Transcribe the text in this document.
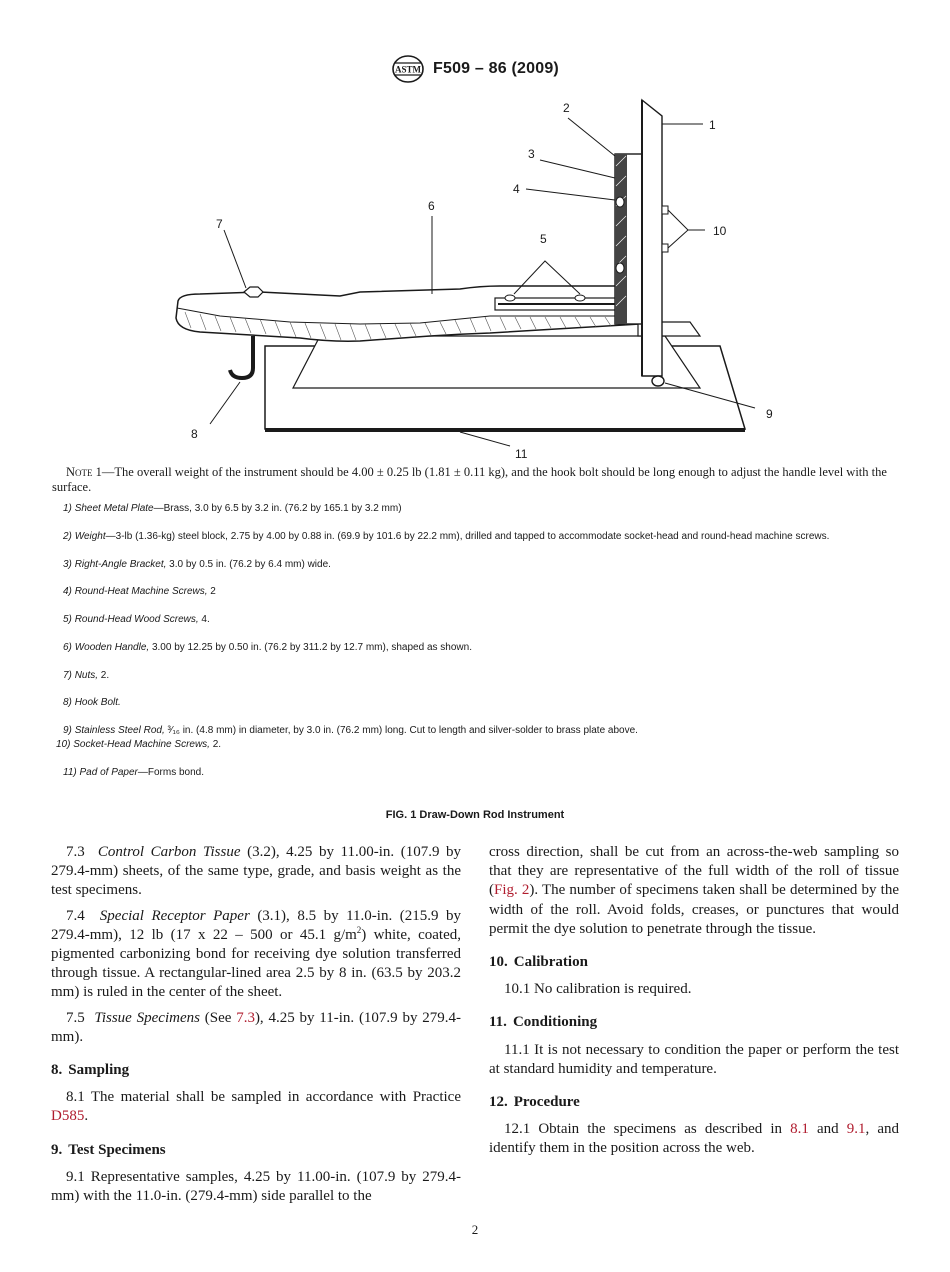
ASTM F509 – 86 (2009)
1
2
3
4
5
6
7
8
9
10
11
Note 1—The overall weight of the instrument should be 4.00 ± 0.25 lb (1.81 ± 0.11 kg), and the hook bolt should be long enough to adjust the handle level with the surface.
1) Sheet Metal Plate—Brass, 3.0 by 6.5 by 3.2 in. (76.2 by 165.1 by 3.2 mm)
2) Weight—3-lb (1.36-kg) steel block, 2.75 by 4.00 by 0.88 in. (69.9 by 101.6 by 22.2 mm), drilled and tapped to accommodate socket-head and round-head machine screws.
3) Right-Angle Bracket, 3.0 by 0.5 in. (76.2 by 6.4 mm) wide.
4) Round-Heat Machine Screws, 2
5) Round-Head Wood Screws, 4.
6) Wooden Handle, 3.00 by 12.25 by 0.50 in. (76.2 by 311.2 by 12.7 mm), shaped as shown.
7) Nuts, 2.
8) Hook Bolt.
9) Stainless Steel Rod, ³⁄₁₆ in. (4.8 mm) in diameter, by 3.0 in. (76.2 mm) long. Cut to length and silver-solder to brass plate above.
10) Socket-Head Machine Screws, 2.
11) Pad of Paper—Forms bond.
FIG. 1 Draw-Down Rod Instrument

7.3 Control Carbon Tissue (3.2), 4.25 by 11.00-in. (107.9 by 279.4-mm) sheets, of the same type, grade, and basis weight as the test specimens.

7.4 Special Receptor Paper (3.1), 8.5 by 11.0-in. (215.9 by 279.4-mm), 12 lb (17 x 22 – 500 or 45.1 $g/m^2$) white, coated, pigmented carbonizing bond for receiving dye solution transferred through tissue. A rectangular-lined area 2.5 by 8 in. (63.5 by 203.2 mm) is ruled in the center of the sheet.

7.5 Tissue Specimens (See 7.3), 4.25 by 11-in. (107.9 by 279.4-mm).

8. Sampling

8.1 The material shall be sampled in accordance with Practice D585.

9. Test Specimens

9.1 Representative samples, 4.25 by 11.00-in. (107.9 by 279.4-mm) with the 11.0-in. (279.4-mm) side parallel to the

cross direction, shall be cut from an across-the-web sampling so that they are representative of the full width of the roll of tissue (Fig. 2). The number of specimens taken shall be determined by the width of the roll. Avoid folds, creases, or punctures that would permit the dye solution to penetrate through the tissue.

10. Calibration

10.1 No calibration is required.

11. Conditioning

11.1 It is not necessary to condition the paper or perform the test at standard humidity and temperature.

12. Procedure

12.1 Obtain the specimens as described in 8.1 and 9.1, and identify them in the position across the web.

2
